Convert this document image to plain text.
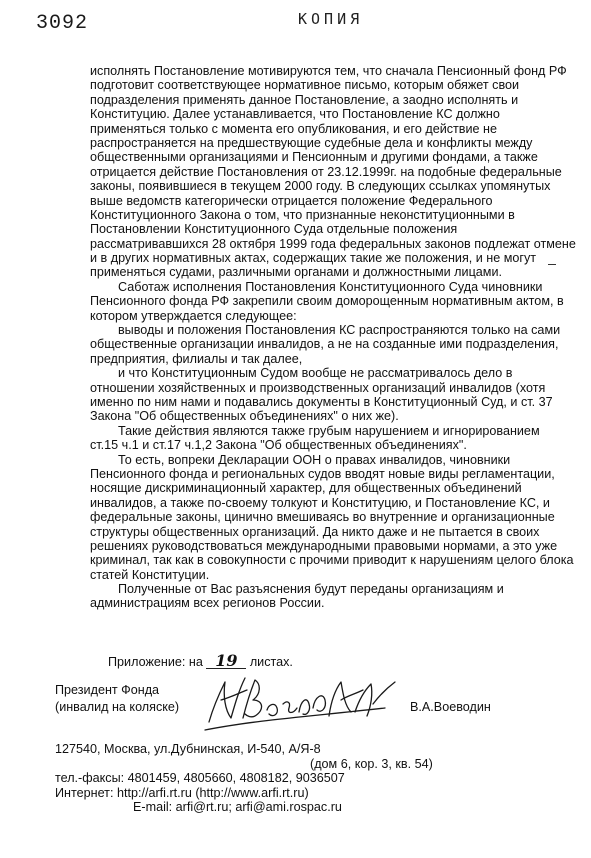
3092	КОПИЯ
исполнять Постановление мотивируются тем, что сначала Пенсионный фонд РФ
подготовит соответствующее нормативное письмо, которым обяжет свои
подразделения применять данное Постановление, а заодно исполнять и
Конституцию. Далее устанавливается, что Постановление КС должно
применяться только с момента его опубликования, и его действие не
распространяется на предшествующие судебные дела и конфликты между
общественными организациями и Пенсионным и другими фондами, а также
отрицается действие Постановления от 23.12.1999г. на подобные федеральные
законы, появившиеся в текущем 2000 году. В следующих ссылках упомянутых
выше ведомств категорически отрицается положение Федерального
Конституционного Закона о том, что признанные неконституционными в
Постановлении Конституционного Суда отдельные положения
рассматривавшихся 28 октября 1999 года федеральных законов подлежат отмене
и в других нормативных актах, содержащих такие же положения, и не могут
применяться судами, различными органами и должностными лицами.
Саботаж исполнения Постановления Конституционного Суда чиновники
Пенсионного фонда РФ закрепили своим доморощенным нормативным актом, в
котором утверждается следующее:
выводы и положения Постановления КС распространяются только на сами
общественные организации инвалидов, а не на созданные ими подразделения,
предприятия, филиалы и так далее,
и что Конституционным Судом вообще не рассматривалось дело в
отношении хозяйственных и производственных организаций инвалидов (хотя
именно по ним нами и подавались документы в Конституционный Суд, и ст. 37
Закона "Об общественных объединениях" о них же).
Такие действия являются также грубым нарушением и игнорированием
ст.15 ч.1 и ст.17 ч.1,2 Закона "Об общественных объединениях".
То есть, вопреки Декларации ООН о правах инвалидов, чиновники
Пенсионного фонда и региональных судов вводят новые виды регламентации,
носящие дискриминационный характер, для общественных объединений
инвалидов, а также по-своему толкуют и Конституцию, и Постановление КС, и
федеральные законы, цинично вмешиваясь во внутренние и организационные
структуры общественных организаций. Да никто даже и не пытается в своих
решениях руководствоваться международными правовыми нормами, а это уже
криминал, так как в совокупности с прочими приводит к нарушениям целого блока
статей Конституции.
Полученные от Вас разъяснения будут переданы организациям и
администрациям всех регионов России.
Приложение: на 19 листах.
Президент Фонда
(инвалид на коляске)	В.А.Воеводин
127540, Москва, ул.Дубнинская, И-540, А/Я-8
(дом 6, кор. 3, кв. 54)
тел.-факсы: 4801459, 4805660, 4808182, 9036507
Интернет: http://arfi.rt.ru (http://www.arfi.rt.ru)
E-mail: arfi@rt.ru; arfi@ami.rospac.ru
